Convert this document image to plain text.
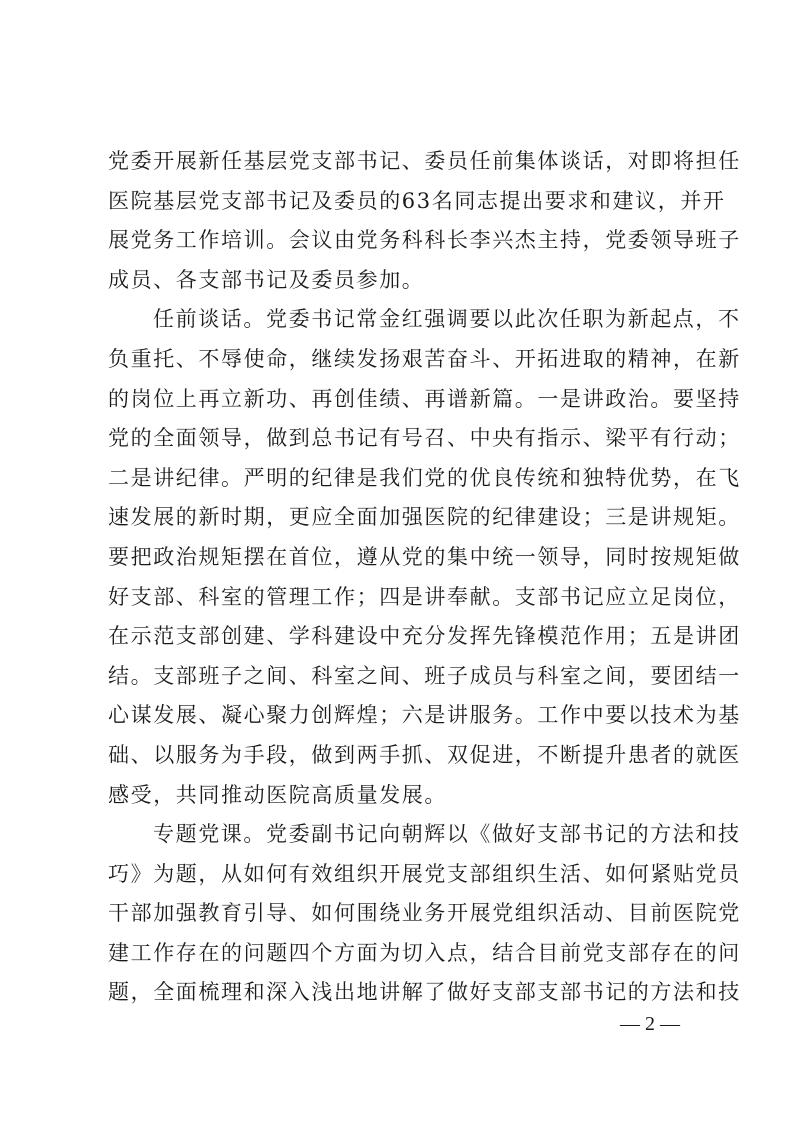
党委开展新任基层党支部书记、委员任前集体谈话，对即将担任
医院基层党支部书记及委员的63名同志提出要求和建议，并开
展党务工作培训。会议由党务科科长李兴杰主持，党委领导班子
成员、各支部书记及委员参加。
任前谈话。党委书记常金红强调要以此次任职为新起点，不
负重托、不辱使命，继续发扬艰苦奋斗、开拓进取的精神，在新
的岗位上再立新功、再创佳绩、再谱新篇。一是讲政治。要坚持
党的全面领导，做到总书记有号召、中央有指示、梁平有行动；
二是讲纪律。严明的纪律是我们党的优良传统和独特优势，在飞
速发展的新时期，更应全面加强医院的纪律建设；三是讲规矩。
要把政治规矩摆在首位，遵从党的集中统一领导，同时按规矩做
好支部、科室的管理工作；四是讲奉献。支部书记应立足岗位，
在示范支部创建、学科建设中充分发挥先锋模范作用；五是讲团
结。支部班子之间、科室之间、班子成员与科室之间，要团结一
心谋发展、凝心聚力创辉煌；六是讲服务。工作中要以技术为基
础、以服务为手段，做到两手抓、双促进，不断提升患者的就医
感受，共同推动医院高质量发展。
专题党课。党委副书记向朝辉以《做好支部书记的方法和技
巧》为题，从如何有效组织开展党支部组织生活、如何紧贴党员
干部加强教育引导、如何围绕业务开展党组织活动、目前医院党
建工作存在的问题四个方面为切入点，结合目前党支部存在的问
题，全面梳理和深入浅出地讲解了做好支部支部书记的方法和技
— 2 —
